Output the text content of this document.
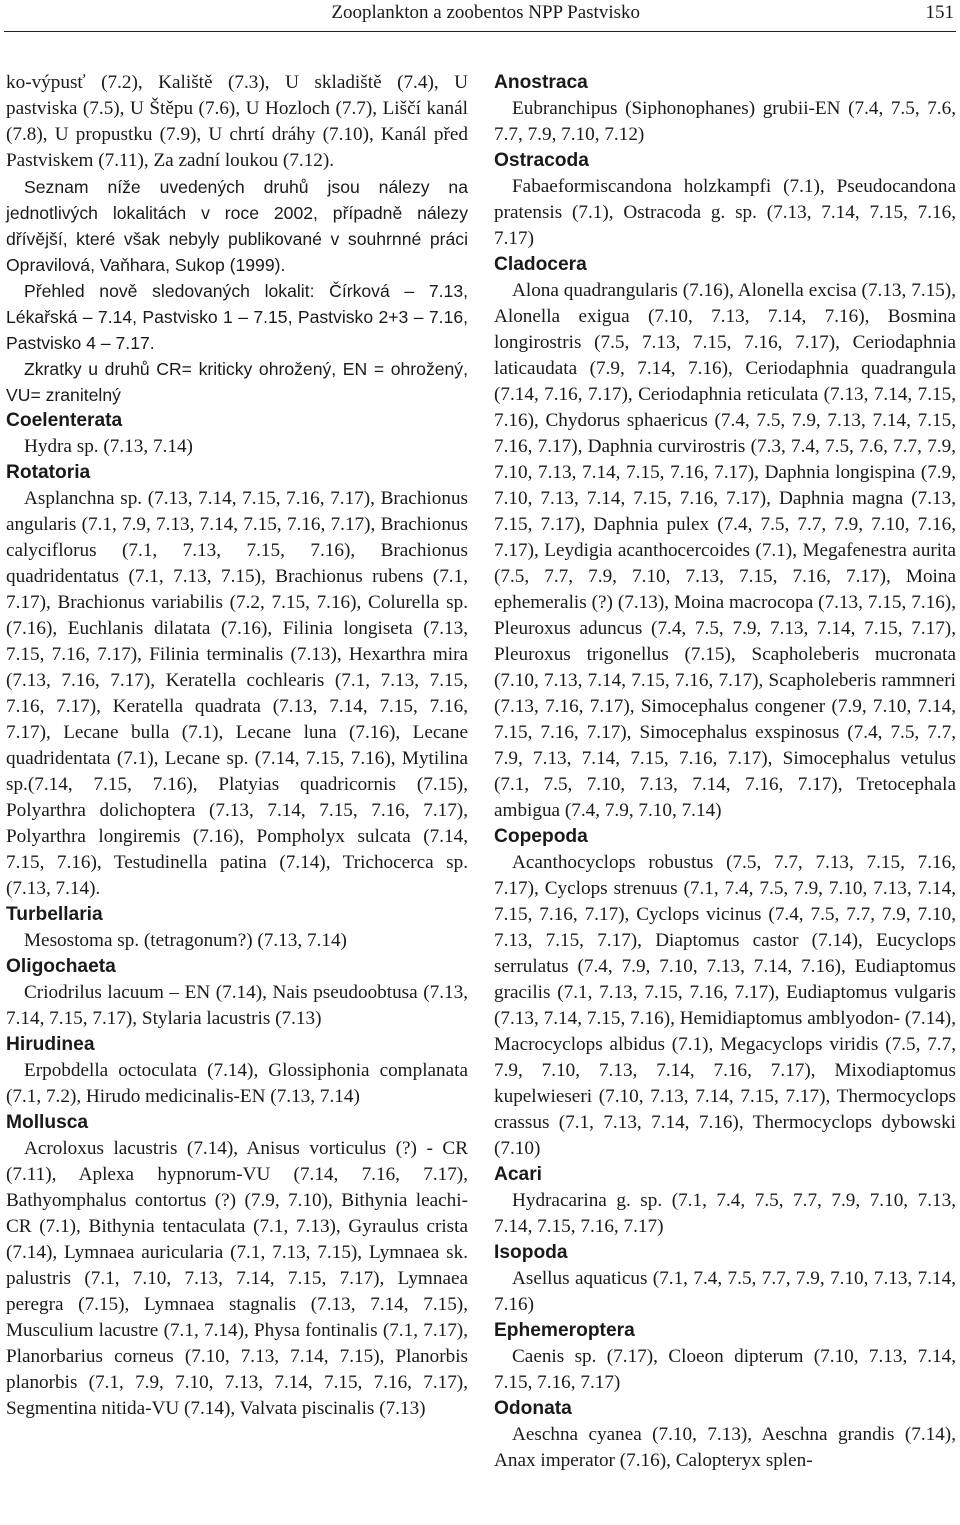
Zooplankton a zoobentos NPP Pastvisko	151

ko-výpusť (7.2), Kaliště (7.3), U skladiště (7.4), U pastviska (7.5), U Štěpu (7.6), U Hozloch (7.7), Liščí kanál (7.8), U propustku (7.9), U chrtí dráhy (7.10), Kanál před Pastviskem (7.11), Za zadní loukou (7.12).

Seznam níže uvedených druhů jsou nálezy na jednotlivých lokalitách v roce 2002, případně nálezy dřívější, které však nebyly publikované v souhrnné práci Opravilová, Vaňhara, Sukop (1999).

Přehled nově sledovaných lokalit: Čírková – 7.13, Lékařská – 7.14, Pastvisko 1 – 7.15, Pastvisko 2+3 – 7.16, Pastvisko 4 – 7.17.

Zkratky u druhů CR= kriticky ohrožený, EN = ohrožený, VU= zranitelný

Coelenterata

Hydra sp. (7.13, 7.14)

Rotatoria

Asplanchna sp. (7.13, 7.14, 7.15, 7.16, 7.17), Brachionus angularis (7.1, 7.9, 7.13, 7.14, 7.15, 7.16, 7.17), Brachionus calyciflorus (7.1, 7.13, 7.15, 7.16), Brachionus quadridentatus (7.1, 7.13, 7.15), Brachionus rubens (7.1, 7.17), Brachionus variabilis (7.2, 7.15, 7.16), Colurella sp. (7.16), Euchlanis dilatata (7.16), Filinia longiseta (7.13, 7.15, 7.16, 7.17), Filinia terminalis (7.13), Hexarthra mira (7.13, 7.16, 7.17), Keratella cochlearis (7.1, 7.13, 7.15, 7.16, 7.17), Keratella quadrata (7.13, 7.14, 7.15, 7.16, 7.17), Lecane bulla (7.1), Lecane luna (7.16), Lecane quadridentata (7.1), Lecane sp. (7.14, 7.15, 7.16), Mytilina sp.(7.14, 7.15, 7.16), Platyias quadricornis (7.15), Polyarthra dolichoptera (7.13, 7.14, 7.15, 7.16, 7.17), Polyarthra longiremis (7.16), Pompholyx sulcata (7.14, 7.15, 7.16), Testudinella patina (7.14), Trichocerca sp. (7.13, 7.14).

Turbellaria

Mesostoma sp. (tetragonum?) (7.13, 7.14)

Oligochaeta

Criodrilus lacuum – EN (7.14), Nais pseudoobtusa (7.13, 7.14, 7.15, 7.17), Stylaria lacustris (7.13)

Hirudinea

Erpobdella octoculata (7.14), Glossiphonia complanata (7.1, 7.2), Hirudo medicinalis-EN (7.13, 7.14)

Mollusca

Acroloxus lacustris (7.14), Anisus vorticulus (?) - CR (7.11), Aplexa hypnorum-VU (7.14, 7.16, 7.17), Bathyomphalus contortus (?) (7.9, 7.10), Bithynia leachi-CR (7.1), Bithynia tentaculata (7.1, 7.13), Gyraulus crista (7.14), Lymnaea auricularia (7.1, 7.13, 7.15), Lymnaea sk. palustris (7.1, 7.10, 7.13, 7.14, 7.15, 7.17), Lymnaea peregra (7.15), Lymnaea stagnalis (7.13, 7.14, 7.15), Musculium lacustre (7.1, 7.14), Physa fontinalis (7.1, 7.17), Planorbarius corneus (7.10, 7.13, 7.14, 7.15), Planorbis planorbis (7.1, 7.9, 7.10, 7.13, 7.14, 7.15, 7.16, 7.17), Segmentina nitida-VU (7.14), Valvata piscinalis (7.13)

Anostraca

Eubranchipus (Siphonophanes) grubii-EN (7.4, 7.5, 7.6, 7.7, 7.9, 7.10, 7.12)

Ostracoda

Fabaeformiscandona holzkampfi (7.1), Pseudocandona pratensis (7.1), Ostracoda g. sp. (7.13, 7.14, 7.15, 7.16, 7.17)

Cladocera

Alona quadrangularis (7.16), Alonella excisa (7.13, 7.15), Alonella exigua (7.10, 7.13, 7.14, 7.16), Bosmina longirostris (7.5, 7.13, 7.15, 7.16, 7.17), Ceriodaphnia laticaudata (7.9, 7.14, 7.16), Ceriodaphnia quadrangula (7.14, 7.16, 7.17), Ceriodaphnia reticulata (7.13, 7.14, 7.15, 7.16), Chydorus sphaericus (7.4, 7.5, 7.9, 7.13, 7.14, 7.15, 7.16, 7.17), Daphnia curvirostris (7.3, 7.4, 7.5, 7.6, 7.7, 7.9, 7.10, 7.13, 7.14, 7.15, 7.16, 7.17), Daphnia longispina (7.9, 7.10, 7.13, 7.14, 7.15, 7.16, 7.17), Daphnia magna (7.13, 7.15, 7.17), Daphnia pulex (7.4, 7.5, 7.7, 7.9, 7.10, 7.16, 7.17), Leydigia acanthocercoides (7.1), Megafenestra aurita (7.5, 7.7, 7.9, 7.10, 7.13, 7.15, 7.16, 7.17), Moina ephemeralis (?) (7.13), Moina macrocopa (7.13, 7.15, 7.16), Pleuroxus aduncus (7.4, 7.5, 7.9, 7.13, 7.14, 7.15, 7.17), Pleuroxus trigonellus (7.15), Scapholeberis mucronata (7.10, 7.13, 7.14, 7.15, 7.16, 7.17), Scapholeberis rammneri (7.13, 7.16, 7.17), Simocephalus congener (7.9, 7.10, 7.14, 7.15, 7.16, 7.17), Simocephalus exspinosus (7.4, 7.5, 7.7, 7.9, 7.13, 7.14, 7.15, 7.16, 7.17), Simocephalus vetulus (7.1, 7.5, 7.10, 7.13, 7.14, 7.16, 7.17), Tretocephala ambigua (7.4, 7.9, 7.10, 7.14)

Copepoda

Acanthocyclops robustus (7.5, 7.7, 7.13, 7.15, 7.16, 7.17), Cyclops strenuus (7.1, 7.4, 7.5, 7.9, 7.10, 7.13, 7.14, 7.15, 7.16, 7.17), Cyclops vicinus (7.4, 7.5, 7.7, 7.9, 7.10, 7.13, 7.15, 7.17), Diaptomus castor (7.14), Eucyclops serrulatus (7.4, 7.9, 7.10, 7.13, 7.14, 7.16), Eudiaptomus gracilis (7.1, 7.13, 7.15, 7.16, 7.17), Eudiaptomus vulgaris (7.13, 7.14, 7.15, 7.16), Hemidiaptomus amblyodon- (7.14), Macrocyclops albidus (7.1), Megacyclops viridis (7.5, 7.7, 7.9, 7.10, 7.13, 7.14, 7.16, 7.17), Mixodiaptomus kupelwieseri (7.10, 7.13, 7.14, 7.15, 7.17), Thermocyclops crassus (7.1, 7.13, 7.14, 7.16), Thermocyclops dybowski (7.10)

Acari

Hydracarina g. sp. (7.1, 7.4, 7.5, 7.7, 7.9, 7.10, 7.13, 7.14, 7.15, 7.16, 7.17)

Isopoda

Asellus aquaticus (7.1, 7.4, 7.5, 7.7, 7.9, 7.10, 7.13, 7.14, 7.16)

Ephemeroptera

Caenis sp. (7.17), Cloeon dipterum (7.10, 7.13, 7.14, 7.15, 7.16, 7.17)

Odonata

Aeschna cyanea (7.10, 7.13), Aeschna grandis (7.14), Anax imperator (7.16), Calopteryx splen-
